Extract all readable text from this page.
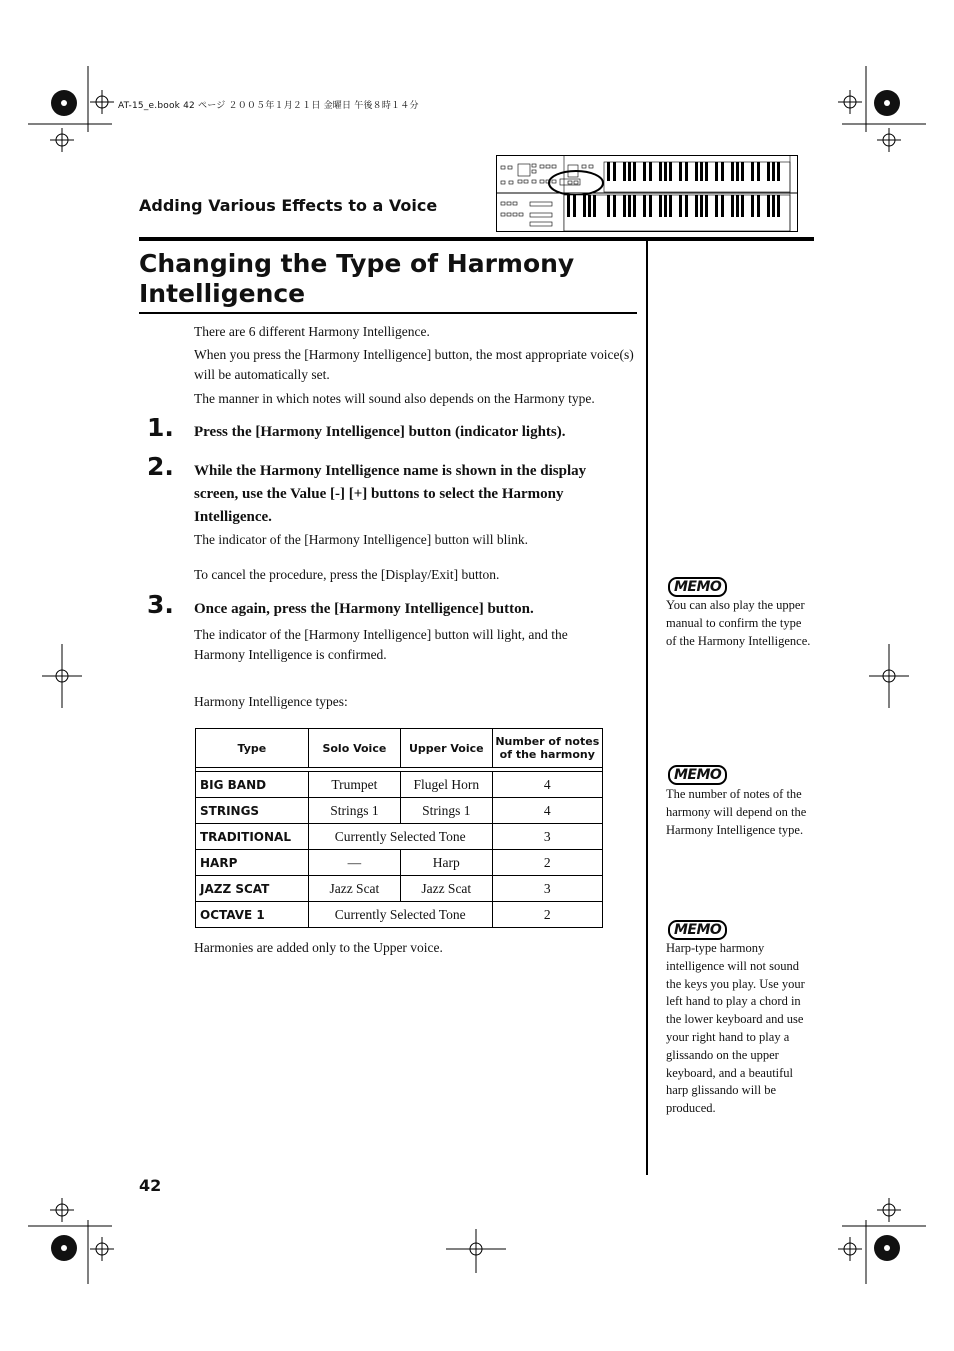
AT-15_e.book 42 ページ ２００５年１月２１日 金曜日 午後８時１４分
Adding Various Effects to a Voice
Changing the Type of Harmony Intelligence
There are 6 different Harmony Intelligence.
When you press the [Harmony Intelligence] button, the most appropriate voice(s) will be automatically set.
The manner in which notes will sound also depends on the Harmony type.
1. Press the [Harmony Intelligence] button (indicator lights).
2. While the Harmony Intelligence name is shown in the display screen, use the Value [-] [+] buttons to select the Harmony Intelligence.
The indicator of the [Harmony Intelligence] button will blink.
To cancel the procedure, press the [Display/Exit] button.
3. Once again, press the [Harmony Intelligence] button.
The indicator of the [Harmony Intelligence] button will light, and the Harmony Intelligence is confirmed.
Harmony Intelligence types:
Type	Solo Voice	Upper Voice	Number of notes of the harmony

BIG BAND	Trumpet	Flugel Horn	4
STRINGS	Strings 1	Strings 1	4
TRADITIONAL	Currently Selected Tone		3
HARP	—	Harp	2
JAZZ SCAT	Jazz Scat	Jazz Scat	3
OCTAVE 1	Currently Selected Tone		2
Harmonies are added only to the Upper voice.
MEMO
You can also play the upper manual to confirm the type of the Harmony Intelligence.
MEMO
The number of notes of the harmony will depend on the Harmony Intelligence type.
MEMO
Harp-type harmony intelligence will not sound the keys you play. Use your left hand to play a chord in the lower keyboard and use your right hand to play a glissando on the upper keyboard, and a beautiful harp glissando will be produced.
42
